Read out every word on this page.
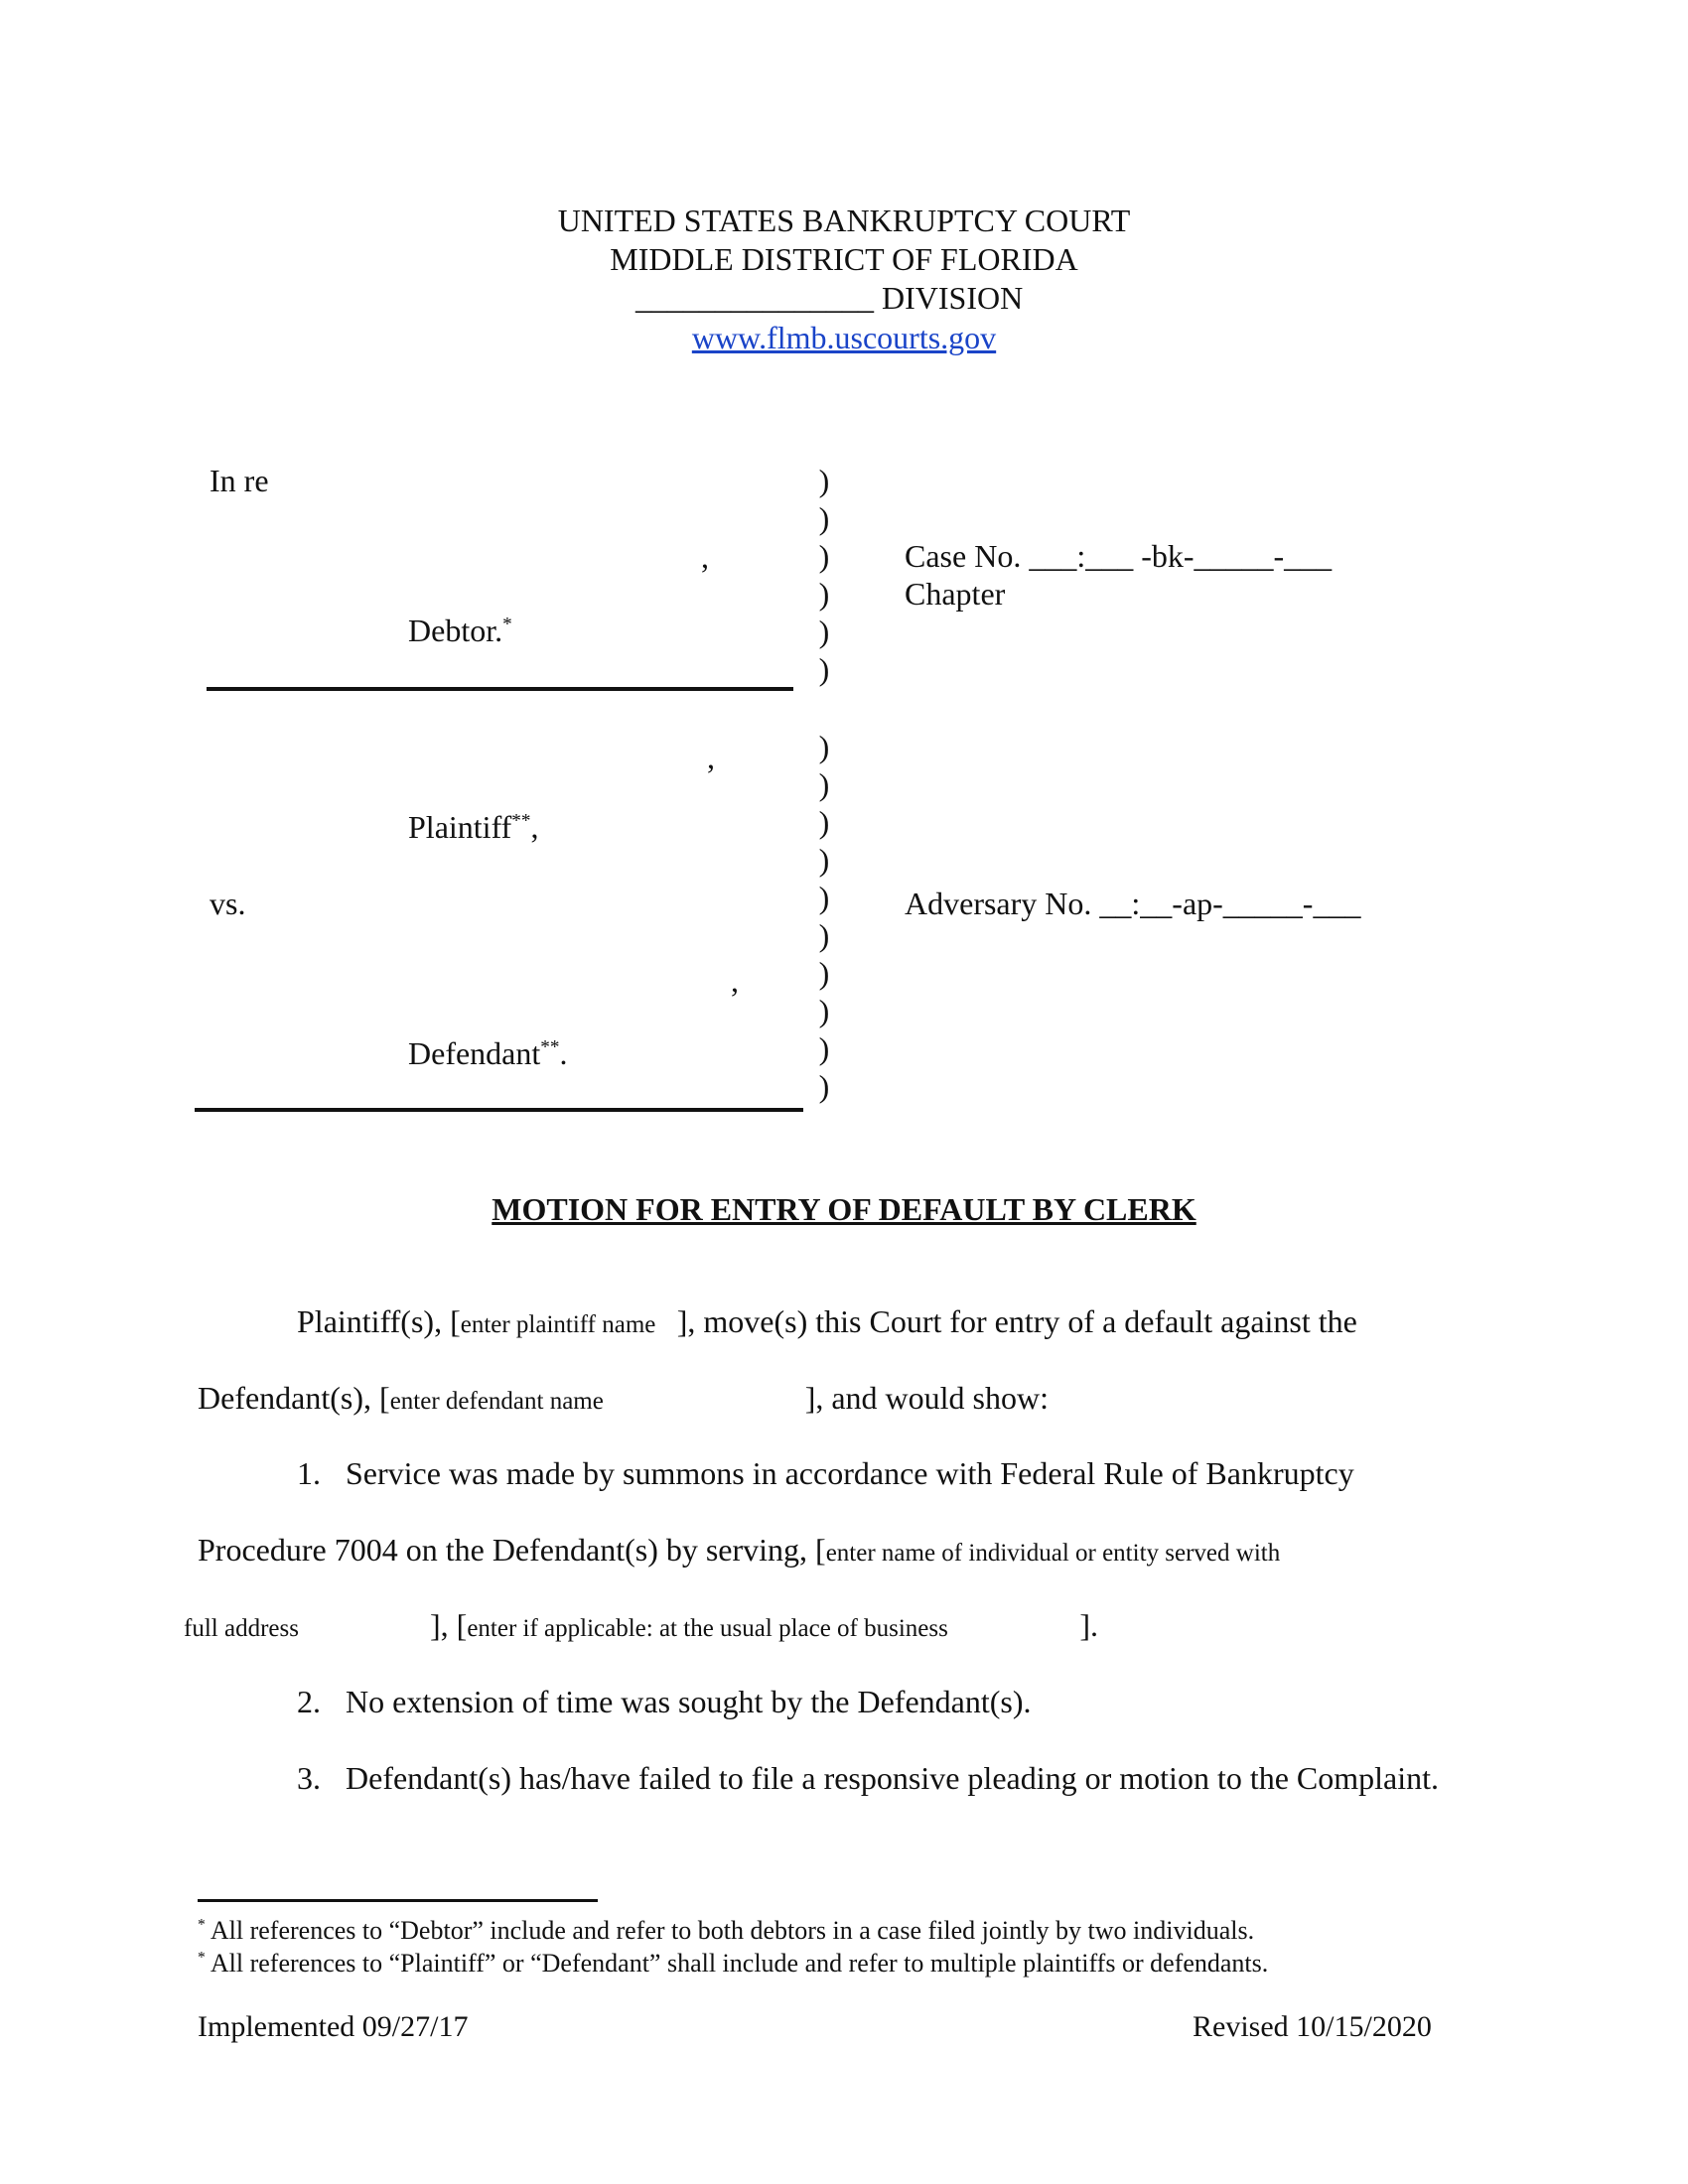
UNITED STATES BANKRUPTCY COURT
MIDDLE DISTRICT OF FLORIDA
_______________ DIVISION
www.flmb.uscourts.gov
In re
,
Debtor.*
,
Plaintiff**,
vs.
,
Defendant**.
)
)
)
)
)
)
)
)
)
)
)
)
)
)
)
)
Case No. ___:___ -bk-_____-___
Chapter
Adversary No. __:__-ap-_____-___
MOTION FOR ENTRY OF DEFAULT BY CLERK
Plaintiff(s), [enter plaintiff name ], move(s) this Court for entry of a default against the
Defendant(s), [enter defendant name	], and would show:
1. Service was made by summons in accordance with Federal Rule of Bankruptcy
Procedure 7004 on the Defendant(s) by serving, [enter name of individual or entity served with
full address	], [enter if applicable: at the usual place of business	].
2. No extension of time was sought by the Defendant(s).
3. Defendant(s) has/have failed to file a responsive pleading or motion to the Complaint.
* All references to “Debtor” include and refer to both debtors in a case filed jointly by two individuals.
* All references to “Plaintiff” or “Defendant” shall include and refer to multiple plaintiffs or defendants.
Implemented 09/27/17	Revised 10/15/2020
